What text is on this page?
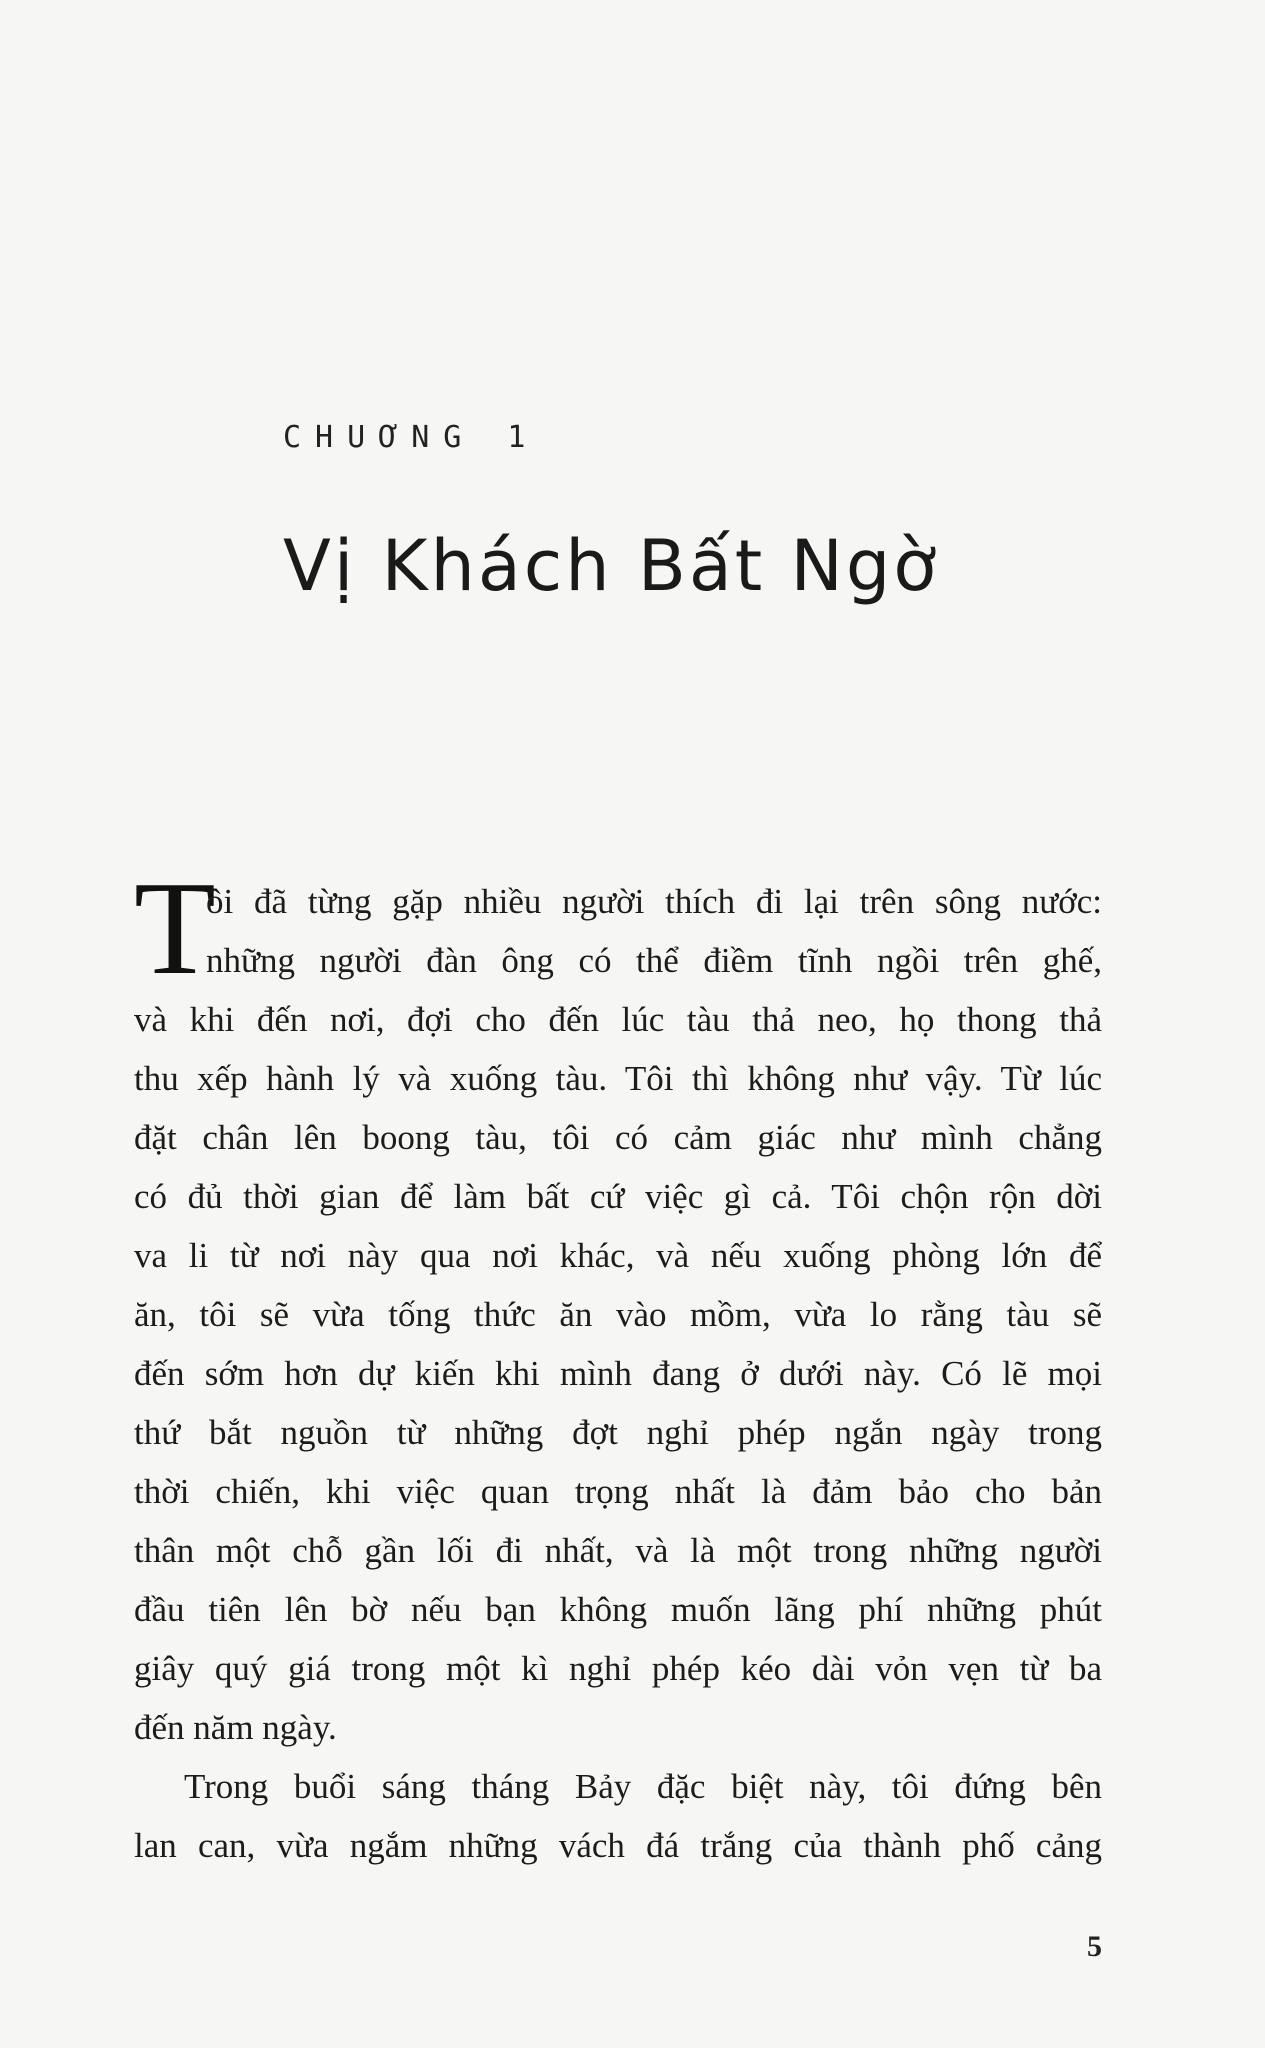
CHUƠNG 1
Vị Khách Bất Ngờ
T
ôi đã từng gặp nhiều người thích đi lại trên sông nước:
những người đàn ông có thể điềm tĩnh ngồi trên ghế,
và khi đến nơi, đợi cho đến lúc tàu thả neo, họ thong thả
thu xếp hành lý và xuống tàu. Tôi thì không như vậy. Từ lúc
đặt chân lên boong tàu, tôi có cảm giác như mình chẳng
có đủ thời gian để làm bất cứ việc gì cả. Tôi chộn rộn dời
va li từ nơi này qua nơi khác, và nếu xuống phòng lớn để
ăn, tôi sẽ vừa tống thức ăn vào mồm, vừa lo rằng tàu sẽ
đến sớm hơn dự kiến khi mình đang ở dưới này. Có lẽ mọi
thứ bắt nguồn từ những đợt nghỉ phép ngắn ngày trong
thời chiến, khi việc quan trọng nhất là đảm bảo cho bản
thân một chỗ gần lối đi nhất, và là một trong những người
đầu tiên lên bờ nếu bạn không muốn lãng phí những phút
giây quý giá trong một kì nghỉ phép kéo dài vỏn vẹn từ ba
đến năm ngày.
Trong buổi sáng tháng Bảy đặc biệt này, tôi đứng bên
lan can, vừa ngắm những vách đá trắng của thành phố cảng
5
